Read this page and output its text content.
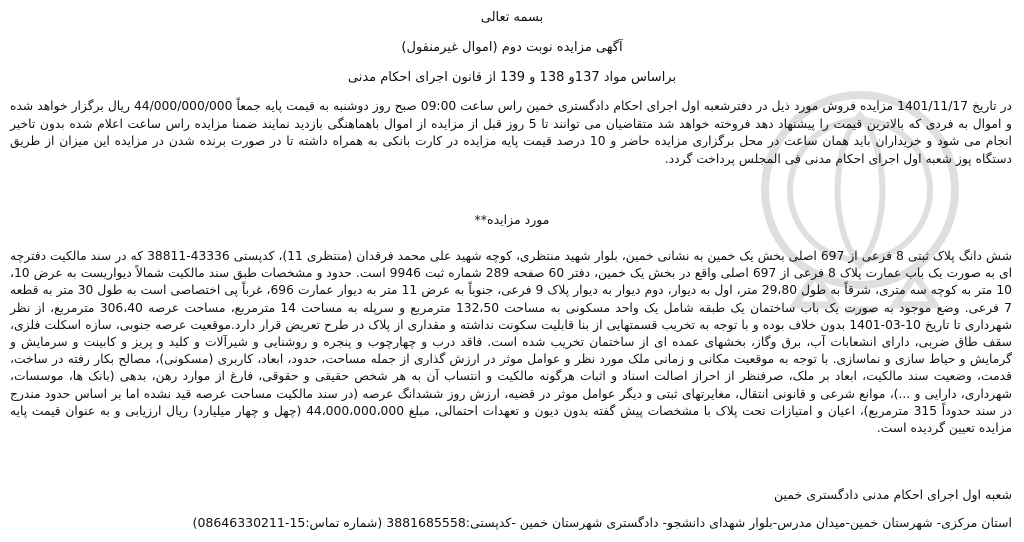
بسمه تعالی
آگهی مزایده نوبت دوم (اموال غیرمنقول)
براساس مواد 137و 138 و 139 از قانون اجرای احکام مدنی
در تاریخ 1401/11/17 مزایده فروش مورد ذیل در دفترشعبه اول اجرای احکام دادگستری خمین راس ساعت 09:00 صبح روز دوشنبه به قیمت پایه جمعاً 44/000/000/000 ریال برگزار خواهد شده و اموال به فردی که بالاترین قیمت را پیشنهاد دهد فروخته خواهد شد متقاضیان می توانند تا 5 روز قبل از مزایده از اموال باهماهنگی بازدید نمایند ضمنا مزایده راس ساعت اعلام شده بدون تاخیر انجام می شود و خریداران باید همان ساعت در محل برگزاری مزایده حاضر و 10 درصد قیمت پایه مزایده در کارت بانکی به همراه داشته تا در صورت برنده شدن در مزایده این میزان از طریق دستگاه پوز شعبه اول اجرای احکام مدنی فی المجلس پرداخت گردد.
مورد مزایده**
شش دانگ پلاک ثبتی 8 فرعی از 697 اصلی بخش یک خمین به نشانی خمین، بلوار شهید منتظری، کوچه شهید علی محمد فرقدان (منتظری 11)، کدپستی 43336-38811 که در سند مالکیت دفترچه ای به صورت یک باب عمارت پلاک 8 فرعی از 697 اصلی واقع در بخش یک خمین، دفتر 60 صفحه 289 شماره ثبت 9946 است. حدود و مشخصات طبق سند مالکیت شمالاً دیواریست به عرض 10، 10 متر به کوچه سه متری، شرقاً به طول 29،80 متر، اول به دیوار، دوم دیوار به دیوار پلاک 9 فرعی، جنوباً به عرض 11 متر به دیوار عمارت 696، غرباً پی اختصاصی است به طول 30 متر به قطعه 7 فرعی. وضع موجود به صورت یک باب ساختمان یک طبقه شامل یک واحد مسکونی به مساحت 132،50 مترمربع و سرپله به مساحت 14 مترمربع، مساحت عرصه 306،40 مترمربع، از نظر شهرداری تا تاریخ 10-03-1401 بدون خلاف بوده و با توجه به تخریب قسمتهایی از بنا قابلیت سکونت نداشته و مقداری از پلاک در طرح تعریض قرار دارد.موقعیت عرصه جنوبی، سازه اسکلت فلزی، سقف طاق ضربی، دارای انشعابات آب، برق وگاز، بخشهای عمده ای از ساختمان تخریب شده است. فاقد درب و چهارچوب و پنجره و روشنایی و شیرآلات و کلید و پریز و کابینت و سرمایش و گرمایش و حیاط سازی و نماسازی. با توجه به موقعیت مکانی و زمانی ملک مورد نظر و عوامل موثر در ارزش گذاری از جمله مساحت، حدود، ابعاد، کاربری (مسکونی)، مصالح بکار رفته در ساخت، قدمت، وضعیت سند مالکیت، ابعاد بر ملک، صرفنظر از احراز اصالت اسناد و اثبات هرگونه مالکیت و انتساب آن به هر شخص حقیقی و حقوقی، فارغ از موارد رهن، بدهی (بانک ها، موسسات، شهرداری، دارایی و ...)، موانع شرعی و قانونی انتقال، مغایرتهای ثبتی و دیگر عوامل موثر در قضیه، ارزش روز ششدانگ عرصه (در سند مالکیت مساحت عرصه قید نشده اما بر اساس حدود مندرج در سند حدوداً 315 مترمربع)، اعیان و امتیازات تحت پلاک با مشخصات پیش گفته بدون دیون و تعهدات احتمالی، مبلغ 44،000،000،000 (چهل و چهار میلیارد) ریال ارزیابی و به عنوان قیمت پایه مزایده تعیین گردیده است.
شعبه اول اجرای احکام مدنی دادگستری خمین
استان مرکزی- شهرستان خمین-میدان مدرس-بلوار شهدای دانشجو- دادگستری شهرستان خمین -کدپستی:3881685558 (شماره تماس:15-08646330211)
